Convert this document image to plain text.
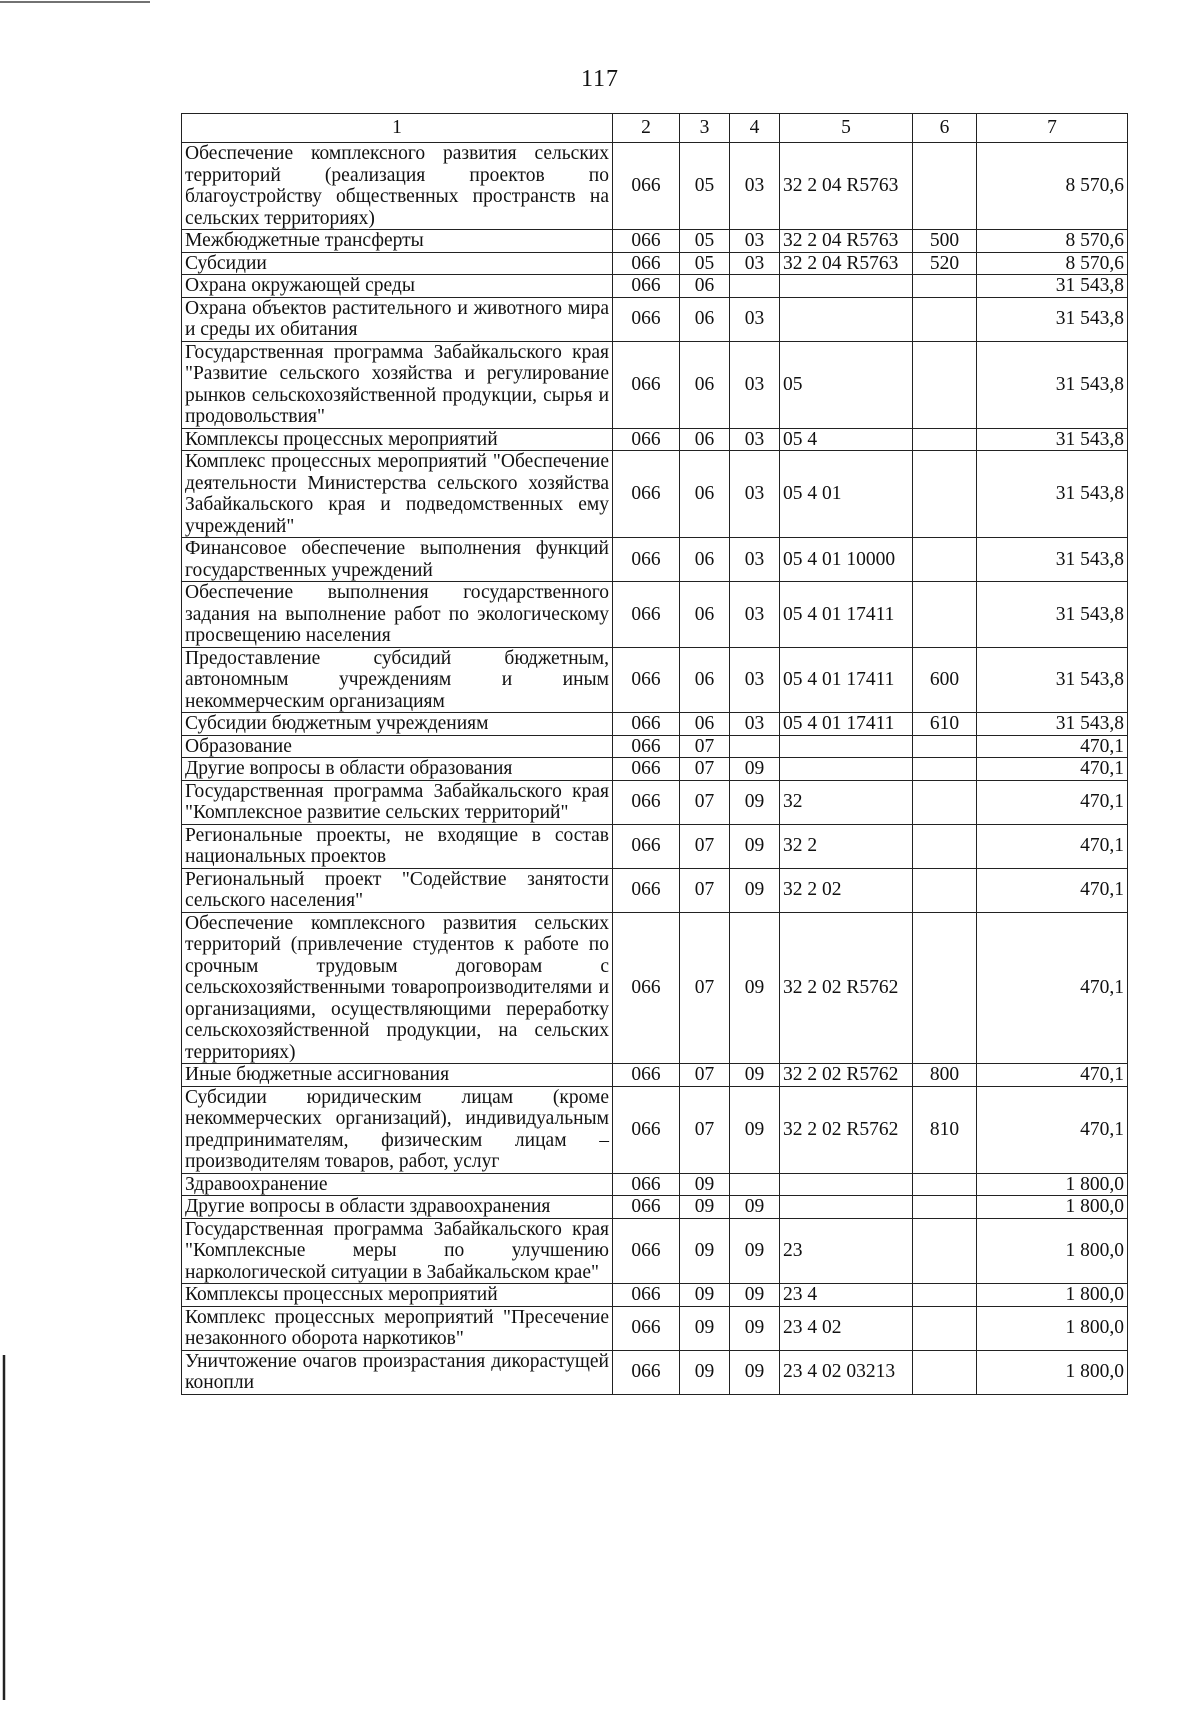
117
1	2	3	4	5	6	7
Обеспечение комплексного развития сельских территорий (реализация проектов по благоустройству общественных пространств на сельских территориях)	066	05	03	32 2 04 R5763		8 570,6
Межбюджетные трансферты	066	05	03	32 2 04 R5763	500	8 570,6
Субсидии	066	05	03	32 2 04 R5763	520	8 570,6
Охрана окружающей среды	066	06				31 543,8
Охрана объектов растительного и животного мира и среды их обитания	066	06	03			31 543,8
Государственная программа Забайкальского края "Развитие сельского хозяйства и регулирование рынков сельскохозяйственной продукции, сырья и продовольствия"	066	06	03	05		31 543,8
Комплексы процессных мероприятий	066	06	03	05 4		31 543,8
Комплекс процессных мероприятий "Обеспечение деятельности Министерства сельского хозяйства Забайкальского края и подведомственных ему учреждений"	066	06	03	05 4 01		31 543,8
Финансовое обеспечение выполнения функций государственных учреждений	066	06	03	05 4 01 10000		31 543,8
Обеспечение выполнения государственного задания на выполнение работ по экологическому просвещению населения	066	06	03	05 4 01 17411		31 543,8
Предоставление субсидий бюджетным, автономным учреждениям и иным некоммерческим организациям	066	06	03	05 4 01 17411	600	31 543,8
Субсидии бюджетным учреждениям	066	06	03	05 4 01 17411	610	31 543,8
Образование	066	07				470,1
Другие вопросы в области образования	066	07	09			470,1
Государственная программа Забайкальского края "Комплексное развитие сельских территорий"	066	07	09	32		470,1
Региональные проекты, не входящие в состав национальных проектов	066	07	09	32 2		470,1
Региональный проект "Содействие занятости сельского населения"	066	07	09	32 2 02		470,1
Обеспечение комплексного развития сельских территорий (привлечение студентов к работе по срочным трудовым договорам с сельскохозяйственными товаропроизводителями и организациями, осуществляющими переработку сельскохозяйственной продукции, на сельских территориях)	066	07	09	32 2 02 R5762		470,1
Иные бюджетные ассигнования	066	07	09	32 2 02 R5762	800	470,1
Субсидии юридическим лицам (кроме некоммерческих организаций), индивидуальным предпринимателям, физическим лицам – производителям товаров, работ, услуг	066	07	09	32 2 02 R5762	810	470,1
Здравоохранение	066	09				1 800,0
Другие вопросы в области здравоохранения	066	09	09			1 800,0
Государственная программа Забайкальского края "Комплексные меры по улучшению наркологической ситуации в Забайкальском крае"	066	09	09	23		1 800,0
Комплексы процессных мероприятий	066	09	09	23 4		1 800,0
Комплекс процессных мероприятий "Пресечение незаконного оборота наркотиков"	066	09	09	23 4 02		1 800,0
Уничтожение очагов произрастания дикорастущей конопли	066	09	09	23 4 02 03213		1 800,0
